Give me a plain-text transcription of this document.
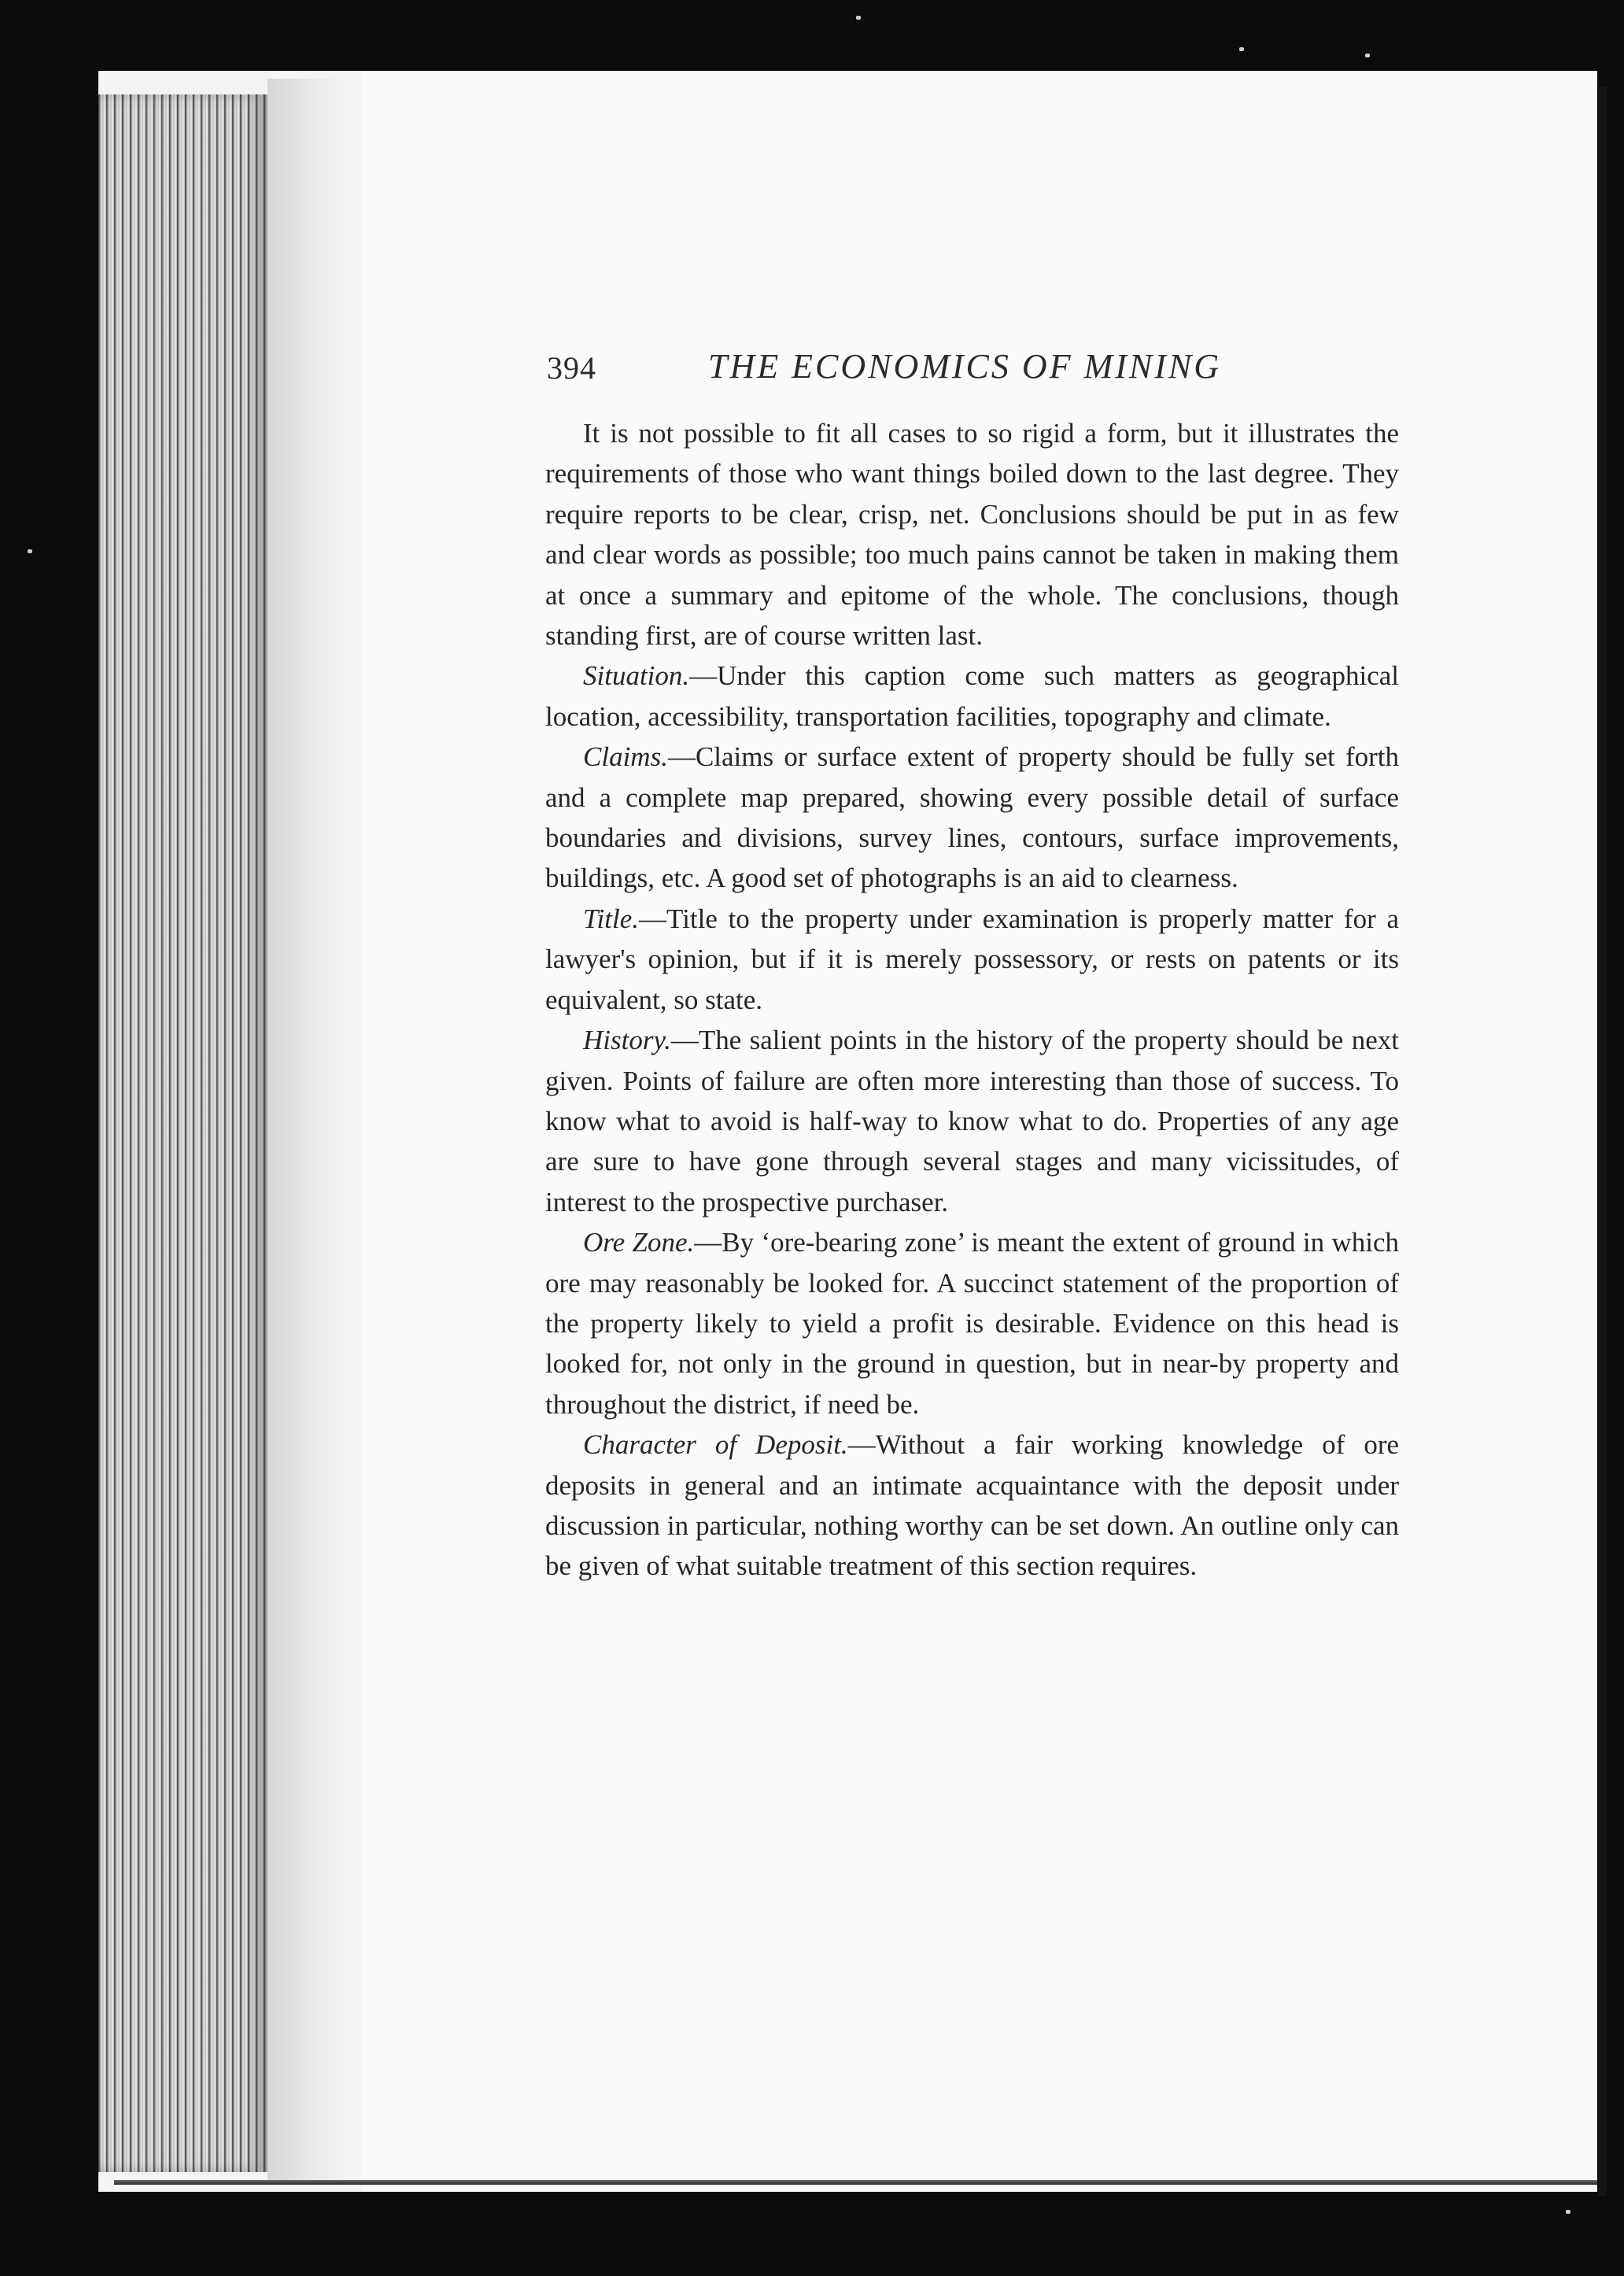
394	THE ECONOMICS OF MINING

It is not possible to fit all cases to so rigid a form, but it illustrates the requirements of those who want things boiled down to the last degree. They require reports to be clear, crisp, net. Conclusions should be put in as few and clear words as possible; too much pains cannot be taken in making them at once a summary and epitome of the whole. The conclusions, though standing first, are of course written last.

Situation.—Under this caption come such matters as geographical location, accessibility, transportation facilities, topography and climate.

Claims.—Claims or surface extent of property should be fully set forth and a complete map prepared, showing every possible detail of surface boundaries and divisions, survey lines, contours, surface improvements, buildings, etc. A good set of photographs is an aid to clearness.

Title.—Title to the property under examination is properly matter for a lawyer's opinion, but if it is merely possessory, or rests on patents or its equivalent, so state.

History.—The salient points in the history of the property should be next given. Points of failure are often more interesting than those of success. To know what to avoid is half-way to know what to do. Properties of any age are sure to have gone through several stages and many vicissitudes, of interest to the prospective purchaser.

Ore Zone.—By ‘ore-bearing zone’ is meant the extent of ground in which ore may reasonably be looked for. A succinct statement of the proportion of the property likely to yield a profit is desirable. Evidence on this head is looked for, not only in the ground in question, but in near-by property and throughout the district, if need be.

Character of Deposit.—Without a fair working knowledge of ore deposits in general and an intimate acquaintance with the deposit under discussion in particular, nothing worthy can be set down. An outline only can be given of what suitable treatment of this section requires.
